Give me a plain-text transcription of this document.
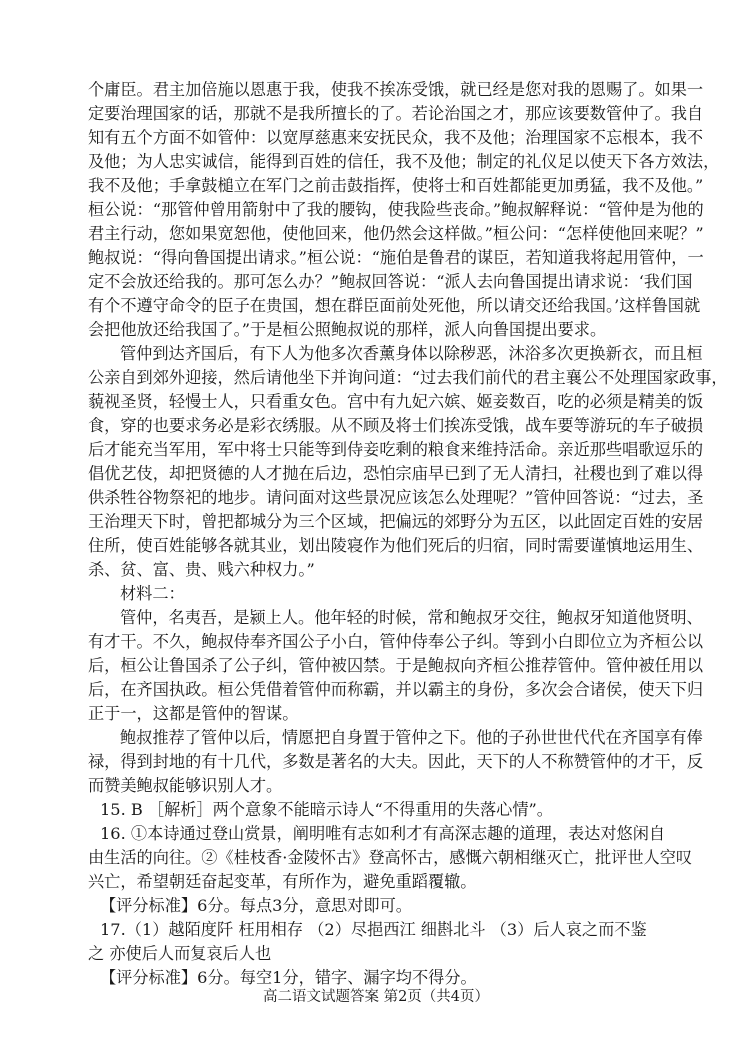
个庸臣。君主加倍施以恩惠于我，使我不挨冻受饿，就已经是您对我的恩赐了。如果一
定要治理国家的话，那就不是我所擅长的了。若论治国之才，那应该要数管仲了。我自
知有五个方面不如管仲：以宽厚慈惠来安抚民众，我不及他；治理国家不忘根本，我不
及他；为人忠实诚信，能得到百姓的信任，我不及他；制定的礼仪足以使天下各方效法，
我不及他；手拿鼓槌立在军门之前击鼓指挥，使将士和百姓都能更加勇猛，我不及他。”
桓公说：“那管仲曾用箭射中了我的腰钩，使我险些丧命。”鲍叔解释说：“管仲是为他的
君主行动，您如果宽恕他，使他回来，他仍然会这样做。”桓公问：“怎样使他回来呢？”
鲍叔说：“得向鲁国提出请求。”桓公说：“施伯是鲁君的谋臣，若知道我将起用管仲，一
定不会放还给我的。那可怎么办？”鲍叔回答说：“派人去向鲁国提出请求说：‘我们国
有个不遵守命令的臣子在贵国，想在群臣面前处死他，所以请交还给我国。’这样鲁国就
会把他放还给我国了。”于是桓公照鲍叔说的那样，派人向鲁国提出要求。
管仲到达齐国后，有下人为他多次香薰身体以除秽恶，沐浴多次更换新衣，而且桓
公亲自到郊外迎接，然后请他坐下并询问道：“过去我们前代的君主襄公不处理国家政事，
藐视圣贤，轻慢士人，只看重女色。宫中有九妃六嫔、姬妾数百，吃的必须是精美的饭
食，穿的也要求务必是彩衣绣服。从不顾及将士们挨冻受饿，战车要等游玩的车子破损
后才能充当军用，军中将士只能等到侍妾吃剩的粮食来维持活命。亲近那些唱歌逗乐的
倡优艺伎，却把贤德的人才抛在后边，恐怕宗庙早已到了无人清扫，社稷也到了难以得
供杀牲谷物祭祀的地步。请问面对这些景况应该怎么处理呢？”管仲回答说：“过去，圣
王治理天下时，曾把都城分为三个区域，把偏远的郊野分为五区，以此固定百姓的安居
住所，使百姓能够各就其业，划出陵寝作为他们死后的归宿，同时需要谨慎地运用生、
杀、贫、富、贵、贱六种权力。”
材料二：
管仲，名夷吾，是颍上人。他年轻的时候，常和鲍叔牙交往，鲍叔牙知道他贤明、
有才干。不久，鲍叔侍奉齐国公子小白，管仲侍奉公子纠。等到小白即位立为齐桓公以
后，桓公让鲁国杀了公子纠，管仲被囚禁。于是鲍叔向齐桓公推荐管仲。管仲被任用以
后，在齐国执政。桓公凭借着管仲而称霸，并以霸主的身份，多次会合诸侯，使天下归
正于一，这都是管仲的智谋。
鲍叔推荐了管仲以后，情愿把自身置于管仲之下。他的子孙世世代代在齐国享有俸
禄，得到封地的有十几代，多数是著名的大夫。因此，天下的人不称赞管仲的才干，反
而赞美鲍叔能够识别人才。
15. B ［解析］两个意象不能暗示诗人“不得重用的失落心情”。
16. ①本诗通过登山赏景，阐明唯有志如利才有高深志趣的道理，表达对悠闲自
由生活的向往。②《桂枝香·金陵怀古》登高怀古，感慨六朝相继灭亡，批评世人空叹
兴亡，希望朝廷奋起变革，有所作为，避免重蹈覆辙。
【评分标准】6分。每点3分，意思对即可。
17.（1）越陌度阡 枉用相存 （2）尽挹西江 细斟北斗 （3）后人哀之而不鉴
之 亦使后人而复哀后人也
【评分标准】6分。每空1分，错字、漏字均不得分。
高二语文试题答案 第2页（共4页）
